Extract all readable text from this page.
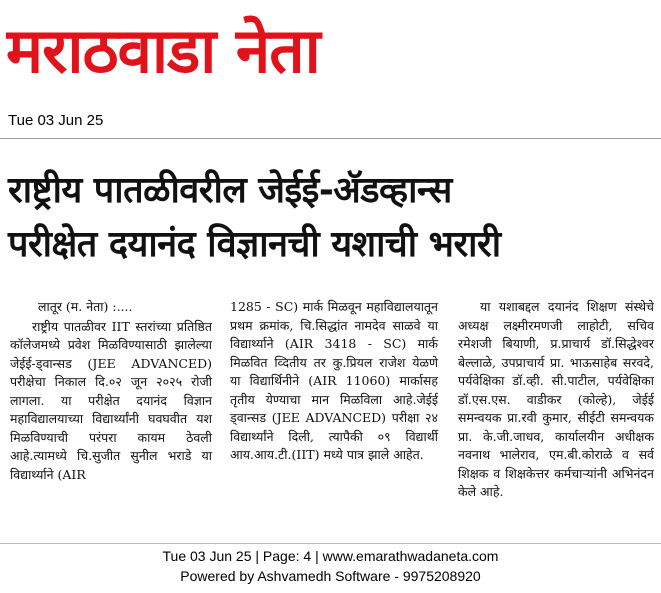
मराठवाडा नेता
Tue 03 Jun 25
राष्ट्रीय पातळीवरील जेईई-ॲडव्हान्स
परीक्षेत दयानंद विज्ञानची यशाची भरारी
लातूर (म. नेता) :....

राष्ट्रीय पातळीवर IIT स्तरांच्या प्रतिष्ठित कॉलेजमध्ये प्रवेश मिळविण्यासाठी झालेल्या जेईई-ड्वान्सड (JEE ADVANCED) परीक्षेचा निकाल दि.०२ जून २०२५ रोजी लागला. या परीक्षेत दयानंद विज्ञान महाविद्यालयाच्या विद्यार्थ्यांनी घवघवीत यश मिळविण्याची परंपरा कायम ठेवली आहे.त्यामध्ये चि.सुजीत सुनील भराडे या विद्यार्थ्याने (AIR

1285 - SC) मार्क मिळवून महाविद्यालयातून प्रथम क्रमांक, चि.सिद्धांत नामदेव साळवे या विद्यार्थ्याने (AIR 3418 - SC) मार्क मिळवित व्दितीय तर कु.प्रियल राजेश येळणे या विद्यार्थिनीने (AIR 11060) मार्कासह तृतीय येण्याचा मान मिळविला आहे.जेईई ड्वान्सड (JEE ADVANCED) परीक्षा २४ विद्यार्थ्यांने दिली, त्यापैकी ०९ विद्यार्थी आय.आय.टी.(IIT) मध्ये पात्र झाले आहेत.

या यशाबद्दल दयानंद शिक्षण संस्थेचे अध्यक्ष लक्ष्मीरमणजी लाहोटी, सचिव रमेशजी बियाणी, प्र.प्राचार्य डॉ.सिद्धेश्वर बेल्लाळे, उपप्राचार्य प्रा. भाऊसाहेब सरवदे, पर्यवेक्षिका डॉ.व्ही. सी.पाटील, पर्यवेक्षिका डॉ.एस.एस. वाडीकर (कोल्हे), जेईई समन्वयक प्रा.रवी कुमार, सीईटी समन्वयक प्रा. के.जी.जाधव, कार्यालयीन अधीक्षक नवनाथ भालेराव, एम.बी.कोराळे व सर्व शिक्षक व शिक्षकेत्तर कर्मचाऱ्यांनी अभिनंदन केले आहे.

Tue 03 Jun 25 | Page: 4 | www.emarathwadaneta.com
Powered by Ashvamedh Software - 9975208920
